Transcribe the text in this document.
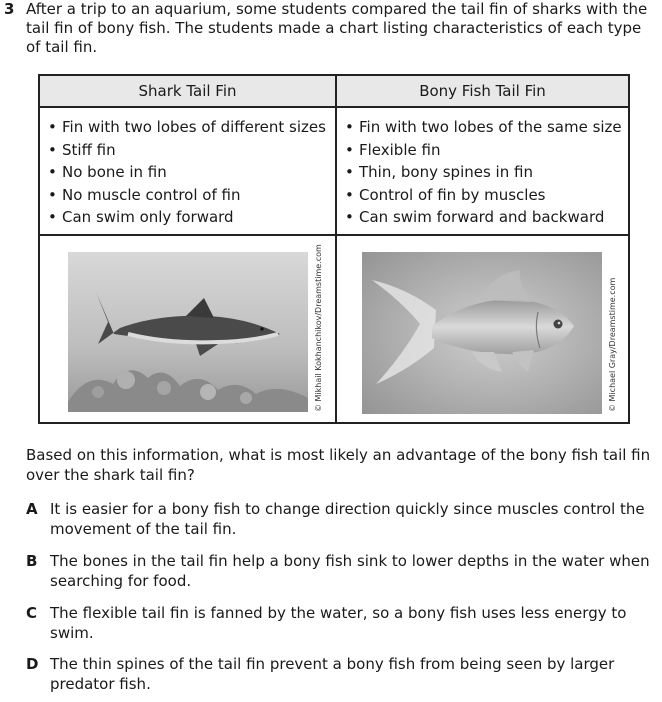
3 After a trip to an aquarium, some students compared the tail fin of sharks with the tail fin of bony fish. The students made a chart listing characteristics of each type of tail fin.
Shark Tail Fin	Bony Fish Tail Fin
• Fin with two lobes of different sizes
• Stiff fin
• No bone in fin
• No muscle control of fin
• Can swim only forward
• Fin with two lobes of the same size
• Flexible fin
• Thin, bony spines in fin
• Control of fin by muscles
• Can swim forward and backward
© Mikhail Kokhanchikov/Dreamstime.com	© Michael Gray/Dreamstime.com
Based on this information, what is most likely an advantage of the bony fish tail fin over the shark tail fin?
A It is easier for a bony fish to change direction quickly since muscles control the movement of the tail fin.
B The bones in the tail fin help a bony fish sink to lower depths in the water when searching for food.
C The flexible tail fin is fanned by the water, so a bony fish uses less energy to swim.
D The thin spines of the tail fin prevent a bony fish from being seen by larger predator fish.
